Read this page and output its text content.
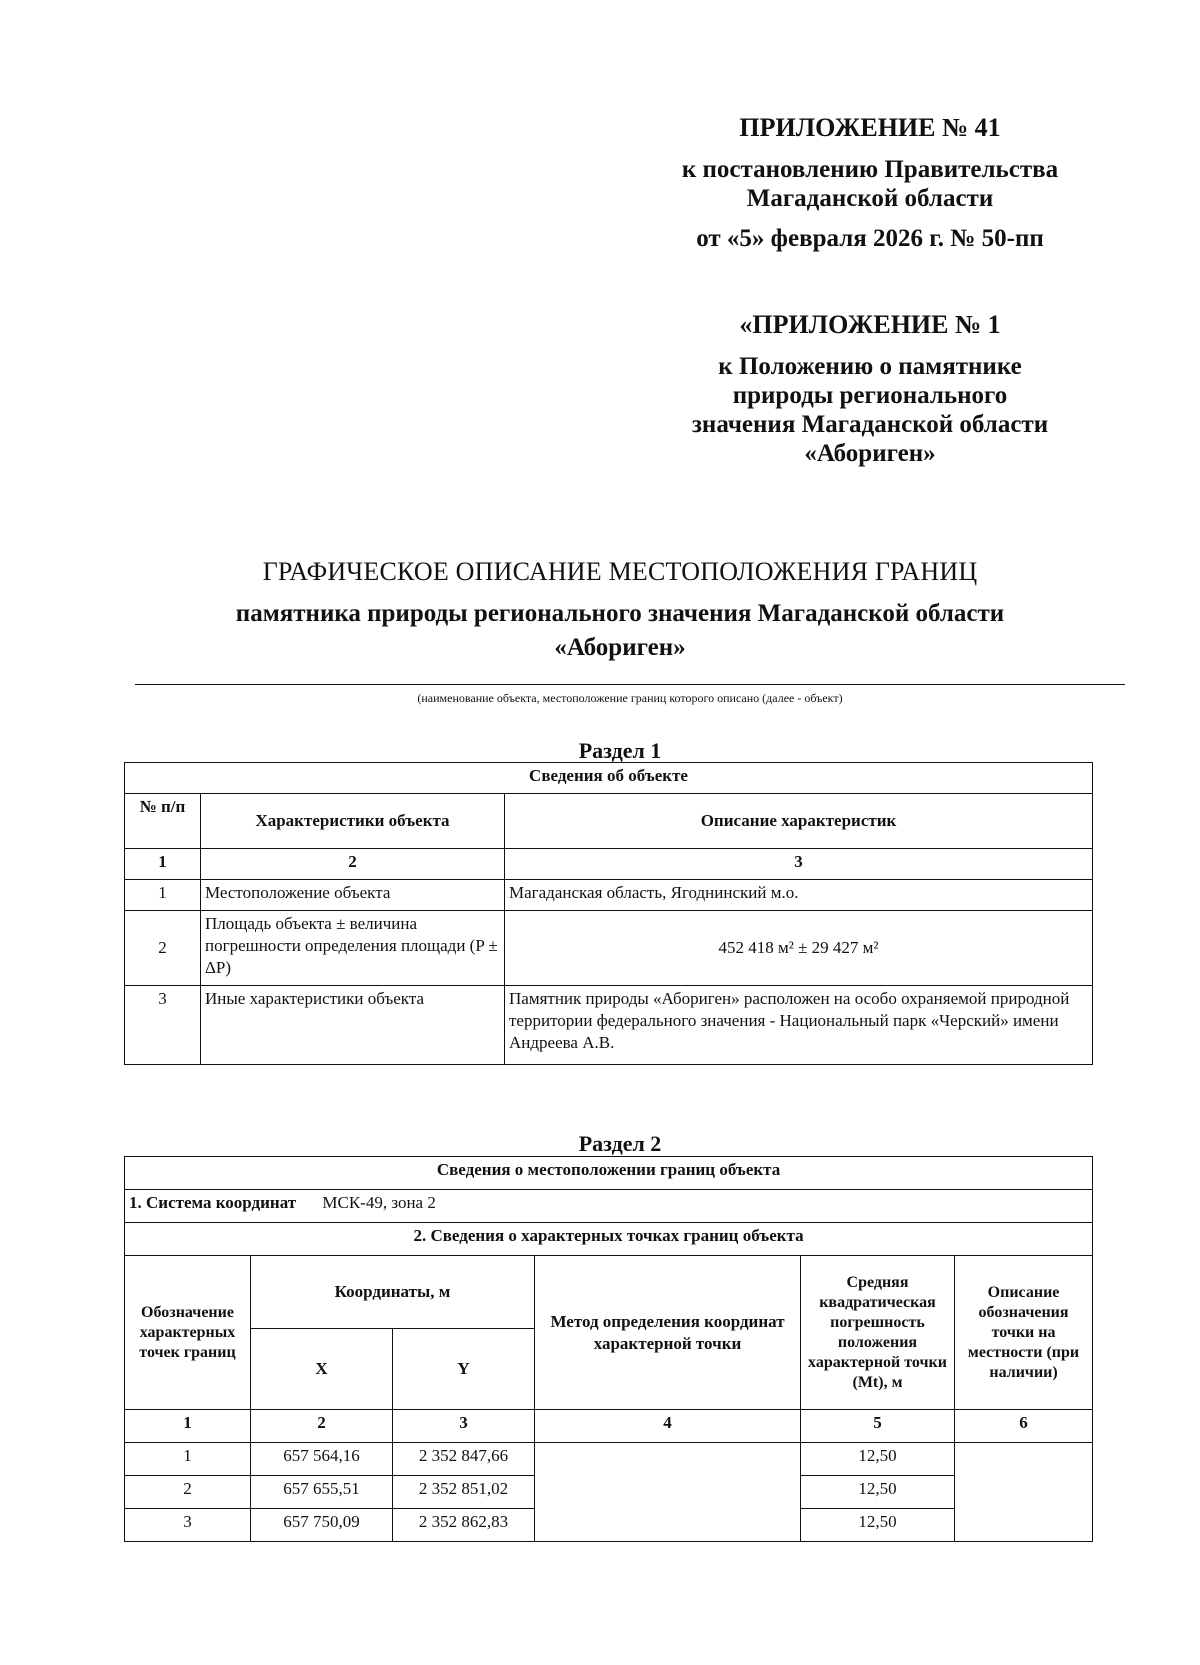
ПРИЛОЖЕНИЕ № 41
к постановлению Правительства
Магаданской области
от «5» февраля 2026 г. № 50-пп
«ПРИЛОЖЕНИЕ № 1
к Положению о памятнике
природы регионального
значения Магаданской области
«Абориген»
ГРАФИЧЕСКОЕ ОПИСАНИЕ МЕСТОПОЛОЖЕНИЯ ГРАНИЦ
памятника природы регионального значения Магаданской области
«Абориген»
(наименование объекта, местоположение границ которого описано (далее - объект)
Раздел 1
Сведения об объекте		
№ п/п	Характеристики объекта	Описание характеристик
1	2	3
1	Местоположение объекта	Магаданская область, Ягоднинский м.о.
2	Площадь объекта ± величина погрешности определения площади (P ± ΔP)	452 418 м² ± 29 427 м²
3	Иные характеристики объекта	Памятник природы «Абориген» расположен на особо охраняемой природной территории федерального значения - Национальный парк «Черский» имени Андреева А.В.
Раздел 2
Сведения о местоположении границ объекта					
1. Система координат МСК-49, зона 2					
2. Сведения о характерных точках границ объекта					
Обозначение характерных точек границ	Координаты, м		Метод определения координат характерной точки	Средняя квадратическая погрешность положения характерной точки (Mt), м	Описание обозначения точки на местности (при наличии)
	X	Y			
1	2	3	4	5	6
1	657 564,16	2 352 847,66		12,50	
2	657 655,51	2 352 851,02		12,50	
3	657 750,09	2 352 862,83		12,50	
